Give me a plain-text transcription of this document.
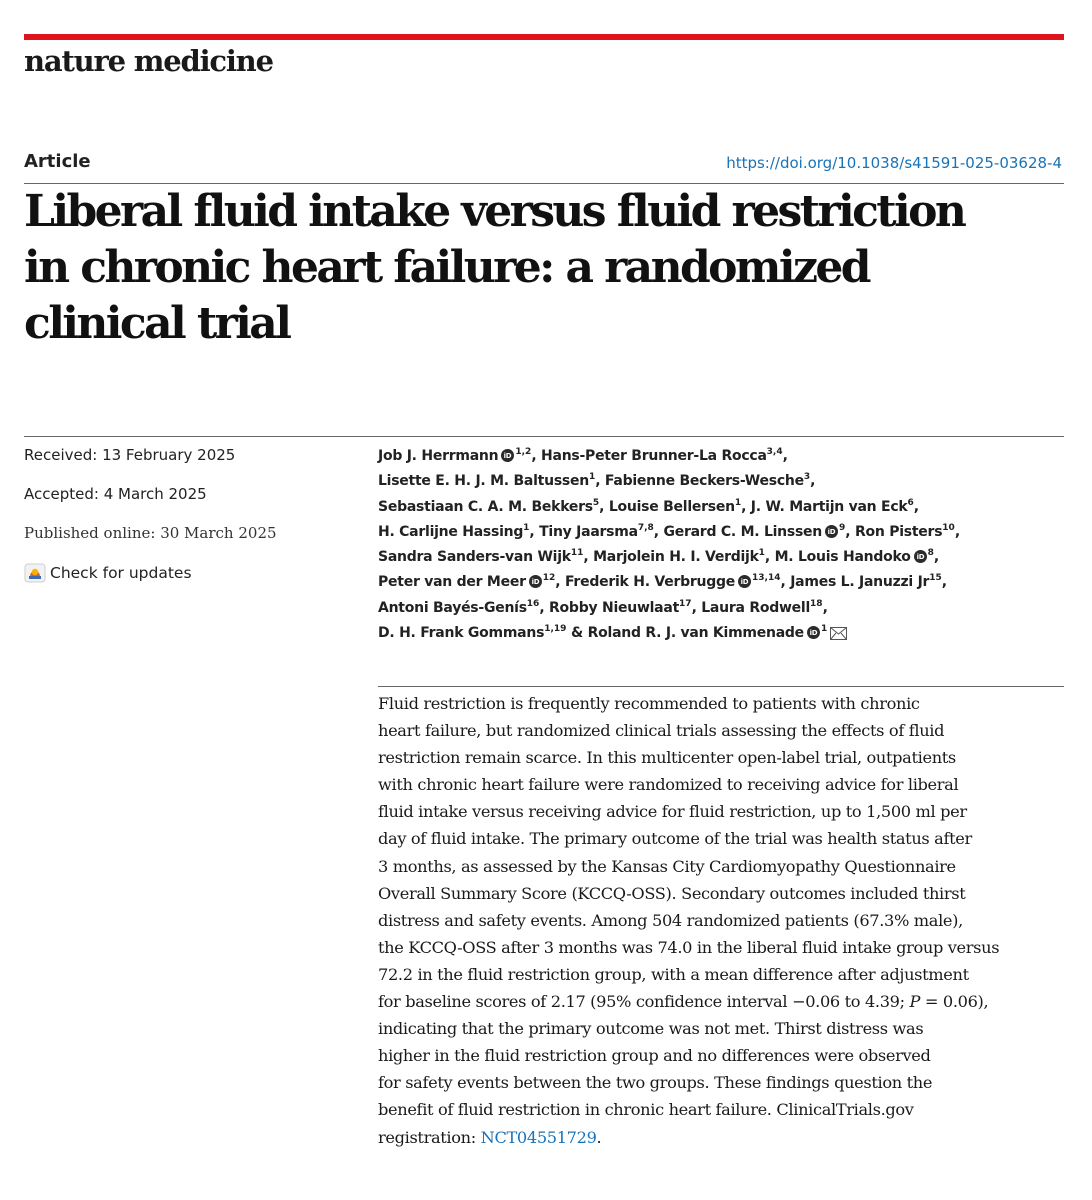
nature medicine
Article	https://doi.org/10.1038/s41591-025-03628-4
Liberal fluid intake versus fluid restriction
in chronic heart failure: a randomized
clinical trial
Received: 13 February 2025
Accepted: 4 March 2025
Published online: 30 March 2025
Check for updates
Job J. Herrmann iD $^{1,2}$, Hans-Peter Brunner-La Rocca$^{3,4}$,
Lisette E. H. J. M. Baltussen$^1$, Fabienne Beckers-Wesche$^3$,
Sebastiaan C. A. M. Bekkers$^5$, Louise Bellersen$^1$, J. W. Martijn van Eck$^6$,
H. Carlijne Hassing$^1$, Tiny Jaarsma$^{7,8}$, Gerard C. M. Linssen iD $^9$, Ron Pisters$^{10}$,
Sandra Sanders-van Wijk$^{11}$, Marjolein H. I. Verdijk$^1$, M. Louis Handoko iD $^8$,
Peter van der Meer iD $^{12}$, Frederik H. Verbrugge iD $^{13,14}$, James L. Januzzi Jr$^{15}$,
Antoni Bayés-Genís$^{16}$, Robby Nieuwlaat$^{17}$, Laura Rodwell$^{18}$,
D. H. Frank Gommans$^{1,19}$ & Roland R. J. van Kimmenade iD $^1$

Fluid restriction is frequently recommended to patients with chronic
heart failure, but randomized clinical trials assessing the effects of fluid
restriction remain scarce. In this multicenter open-label trial, outpatients
with chronic heart failure were randomized to receiving advice for liberal
fluid intake versus receiving advice for fluid restriction, up to 1,500 ml per
day of fluid intake. The primary outcome of the trial was health status after
3 months, as assessed by the Kansas City Cardiomyopathy Questionnaire
Overall Summary Score (KCCQ-OSS). Secondary outcomes included thirst
distress and safety events. Among 504 randomized patients (67.3% male),
the KCCQ-OSS after 3 months was 74.0 in the liberal fluid intake group versus
72.2 in the fluid restriction group, with a mean difference after adjustment
for baseline scores of 2.17 (95% confidence interval −0.06 to 4.39; P = 0.06),
indicating that the primary outcome was not met. Thirst distress was
higher in the fluid restriction group and no differences were observed
for safety events between the two groups. These findings question the
benefit of fluid restriction in chronic heart failure. ClinicalTrials.gov
registration: NCT04551729.
